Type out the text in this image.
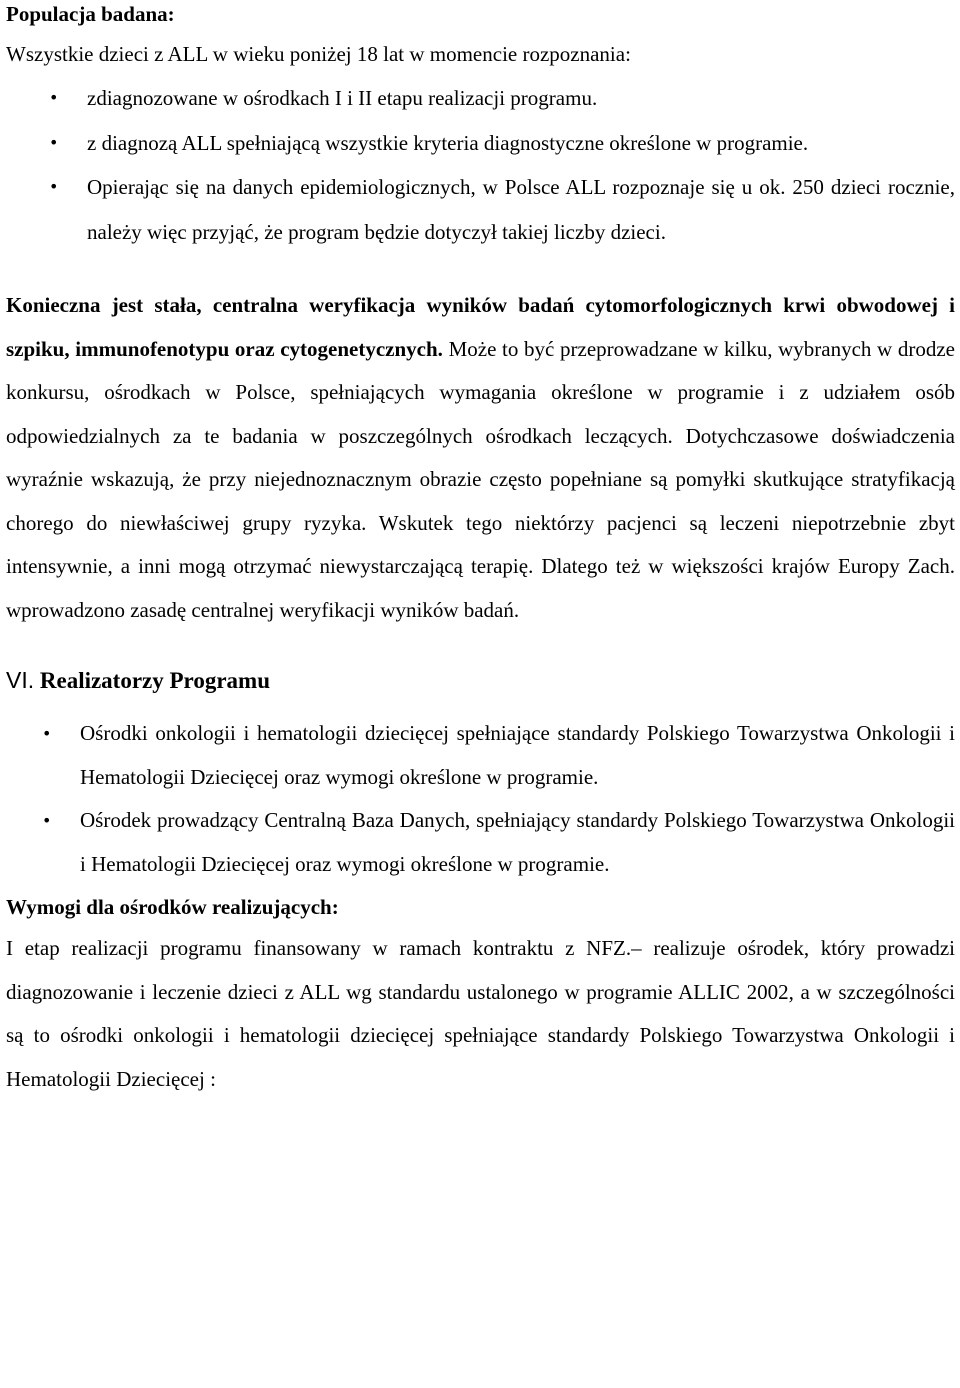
Populacja badana:

Wszystkie dzieci z ALL w wieku poniżej 18 lat w momencie rozpoznania:

• zdiagnozowane w ośrodkach I i II etapu realizacji programu.
• z diagnozą ALL spełniającą wszystkie kryteria diagnostyczne określone w programie.
• Opierając się na danych epidemiologicznych, w Polsce ALL rozpoznaje się u ok. 250 dzieci rocznie, należy więc przyjąć, że program będzie dotyczył takiej liczby dzieci.

Konieczna jest stała, centralna weryfikacja wyników badań cytomorfologicznych krwi obwodowej i szpiku, immunofenotypu oraz cytogenetycznych. Może to być przeprowadzane w kilku, wybranych w drodze konkursu, ośrodkach w Polsce, spełniających wymagania określone w programie i z udziałem osób odpowiedzialnych za te badania w poszczególnych ośrodkach leczących. Dotychczasowe doświadczenia wyraźnie wskazują, że przy niejednoznacznym obrazie często popełniane są pomyłki skutkujące stratyfikacją chorego do niewłaściwej grupy ryzyka. Wskutek tego niektórzy pacjenci są leczeni niepotrzebnie zbyt intensywnie, a inni mogą otrzymać niewystarczającą terapię. Dlatego też w większości krajów Europy Zach. wprowadzono zasadę centralnej weryfikacji wyników badań.

VI. Realizatorzy Programu
• Ośrodki onkologii i hematologii dziecięcej spełniające standardy Polskiego Towarzystwa Onkologii i Hematologii Dziecięcej oraz wymogi określone w programie.
• Ośrodek prowadzący Centralną Baza Danych, spełniający standardy Polskiego Towarzystwa Onkologii i Hematologii Dziecięcej oraz wymogi określone w programie.

Wymogi dla ośrodków realizujących:

I etap realizacji programu finansowany w ramach kontraktu z NFZ.– realizuje ośrodek, który prowadzi diagnozowanie i leczenie dzieci z ALL wg standardu ustalonego w programie ALLIC 2002, a w szczególności są to ośrodki onkologii i hematologii dziecięcej spełniające standardy Polskiego Towarzystwa Onkologii i Hematologii Dziecięcej :
